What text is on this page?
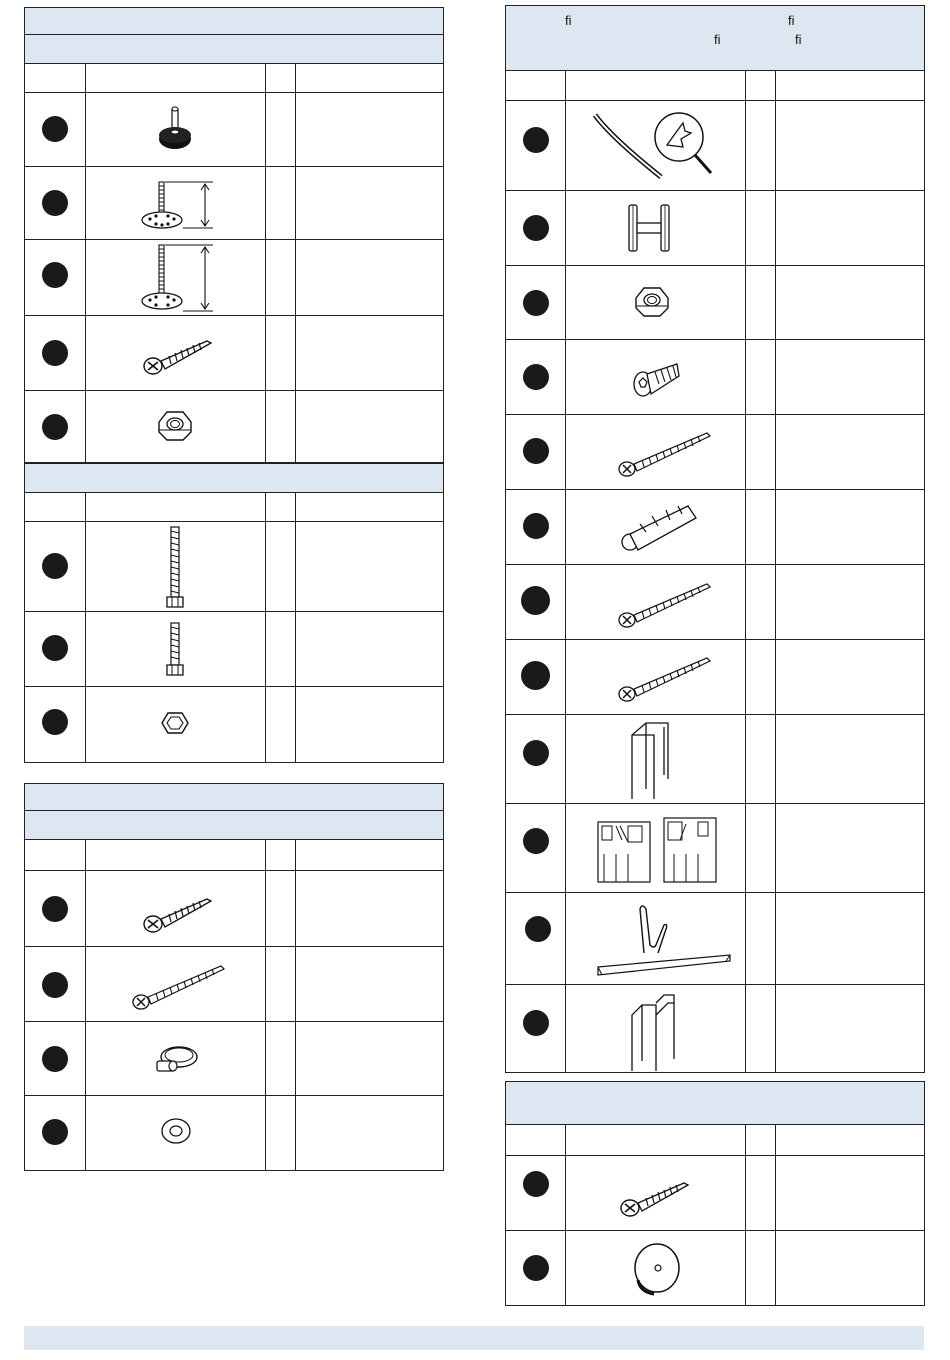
ﬁ	ﬁ
ﬁ	ﬁ
